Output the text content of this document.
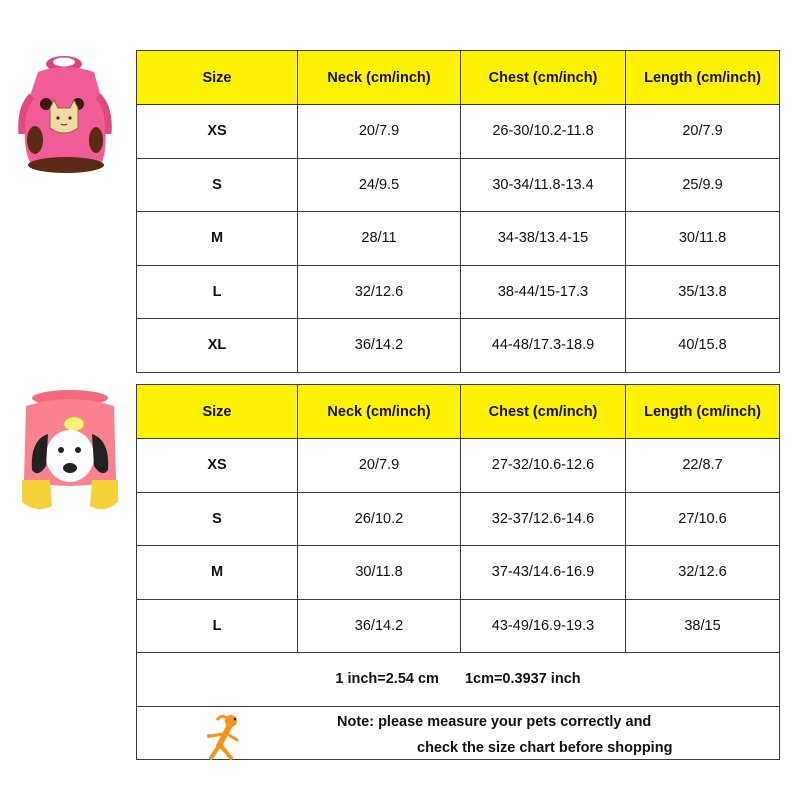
Size	Neck (cm/inch)	Chest (cm/inch)	Length (cm/inch)
XS	20/7.9	26-30/10.2-11.8	20/7.9
S	24/9.5	30-34/11.8-13.4	25/9.9
M	28/11	34-38/13.4-15	30/11.8
L	32/12.6	38-44/15-17.3	35/13.8
XL	36/14.2	44-48/17.3-18.9	40/15.8
Size	Neck (cm/inch)	Chest (cm/inch)	Length (cm/inch)
XS	20/7.9	27-32/10.6-12.6	22/8.7
S	26/10.2	32-37/12.6-14.6	27/10.6
M	30/11.8	37-43/14.6-16.9	32/12.6
L	36/14.2	43-49/16.9-19.3	38/15
1 inch=2.54 cm 1cm=0.3937 inch			

Note: please measure your pets correctly and
check the size chart before shopping			
